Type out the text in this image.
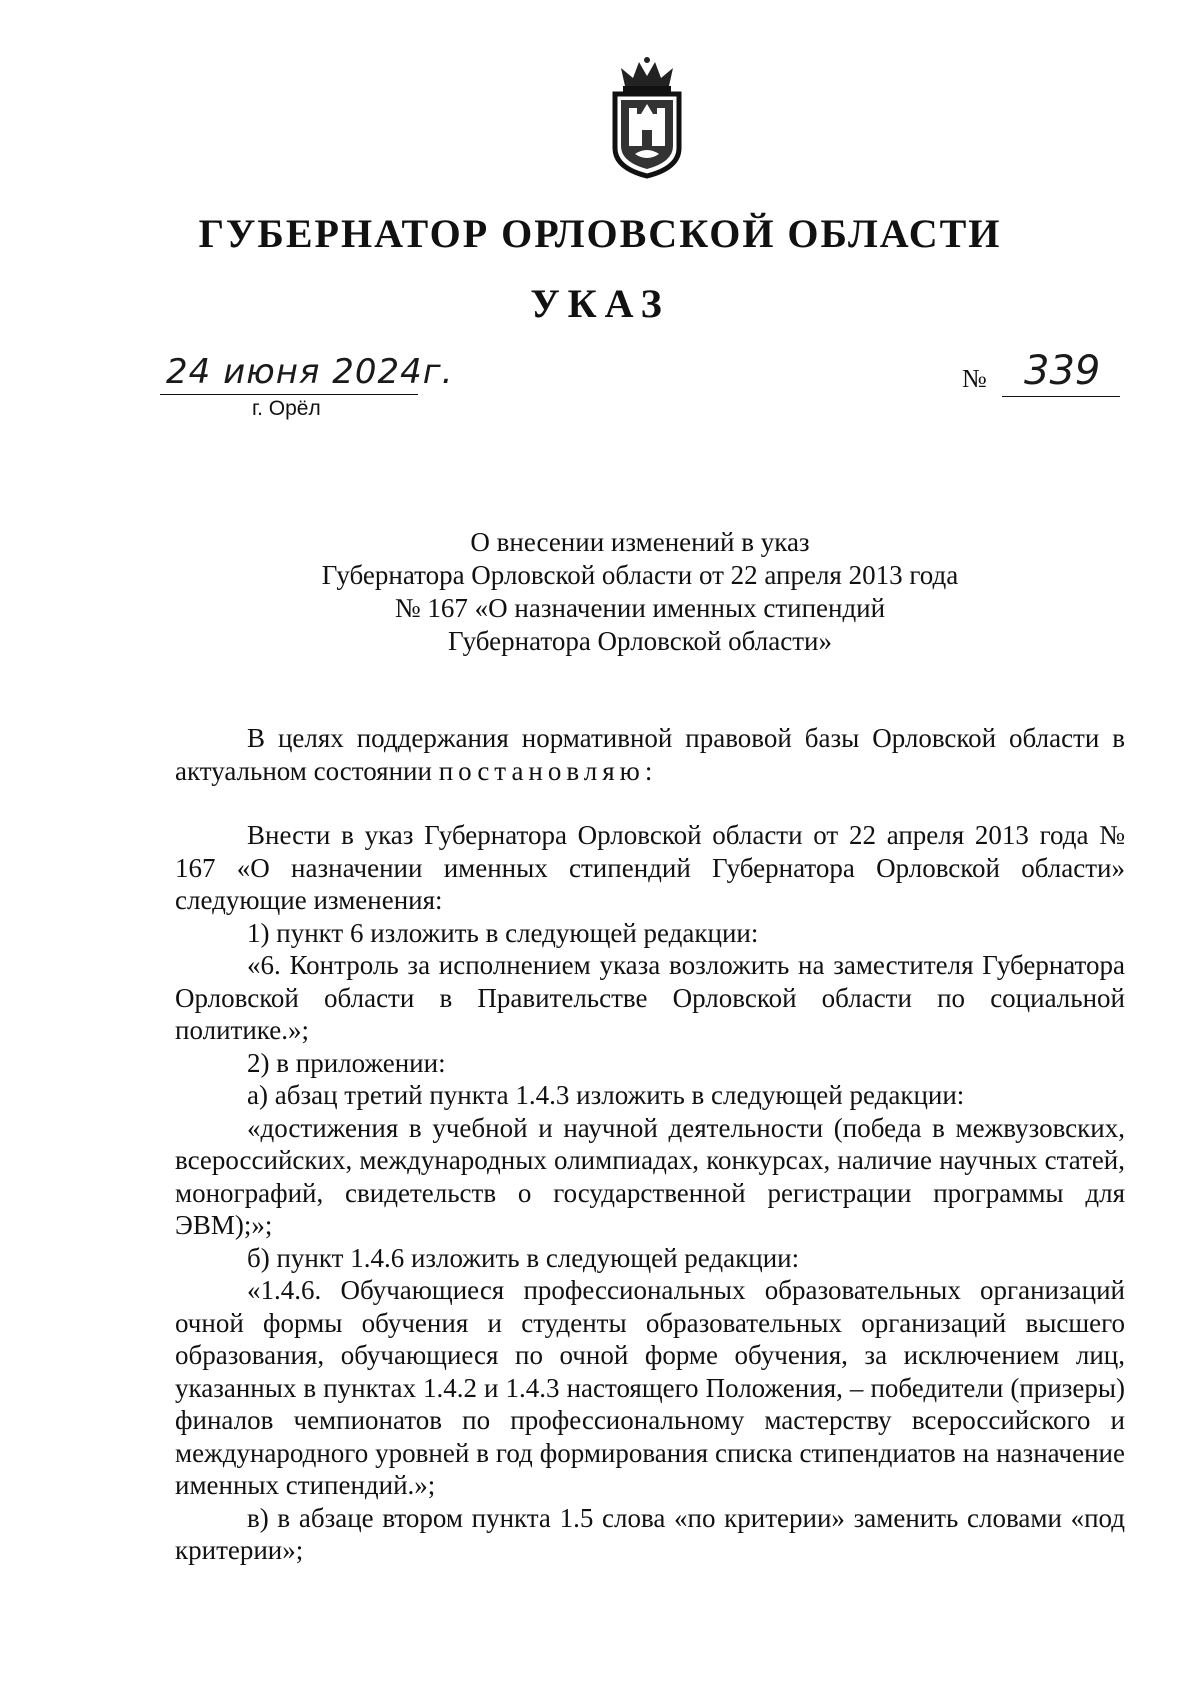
ГУБЕРНАТОР ОРЛОВСКОЙ ОБЛАСТИ
УКАЗ
24 июня 2024г.
г. Орёл
№ 339
О внесении изменений в указ
Губернатора Орловской области от 22 апреля 2013 года
№ 167 «О назначении именных стипендий
Губернатора Орловской области»

В целях поддержания нормативной правовой базы Орловской области в актуальном состоянии постановляю:

Внести в указ Губернатора Орловской области от 22 апреля 2013 года № 167 «О назначении именных стипендий Губернатора Орловской области» следующие изменения:

1) пункт 6 изложить в следующей редакции:

«6. Контроль за исполнением указа возложить на заместителя Губернатора Орловской области в Правительстве Орловской области по социальной политике.»;

2) в приложении:

а) абзац третий пункта 1.4.3 изложить в следующей редакции:

«достижения в учебной и научной деятельности (победа в межвузовских, всероссийских, международных олимпиадах, конкурсах, наличие научных статей, монографий, свидетельств о государственной регистрации программы для ЭВМ);»;

б) пункт 1.4.6 изложить в следующей редакции:

«1.4.6. Обучающиеся профессиональных образовательных организаций очной формы обучения и студенты образовательных организаций высшего образования, обучающиеся по очной форме обучения, за исключением лиц, указанных в пунктах 1.4.2 и 1.4.3 настоящего Положения, – победители (призеры) финалов чемпионатов по профессиональному мастерству всероссийского и международного уровней в год формирования списка стипендиатов на назначение именных стипендий.»;

в) в абзаце втором пункта 1.5 слова «по критерии» заменить словами «под критерии»;
